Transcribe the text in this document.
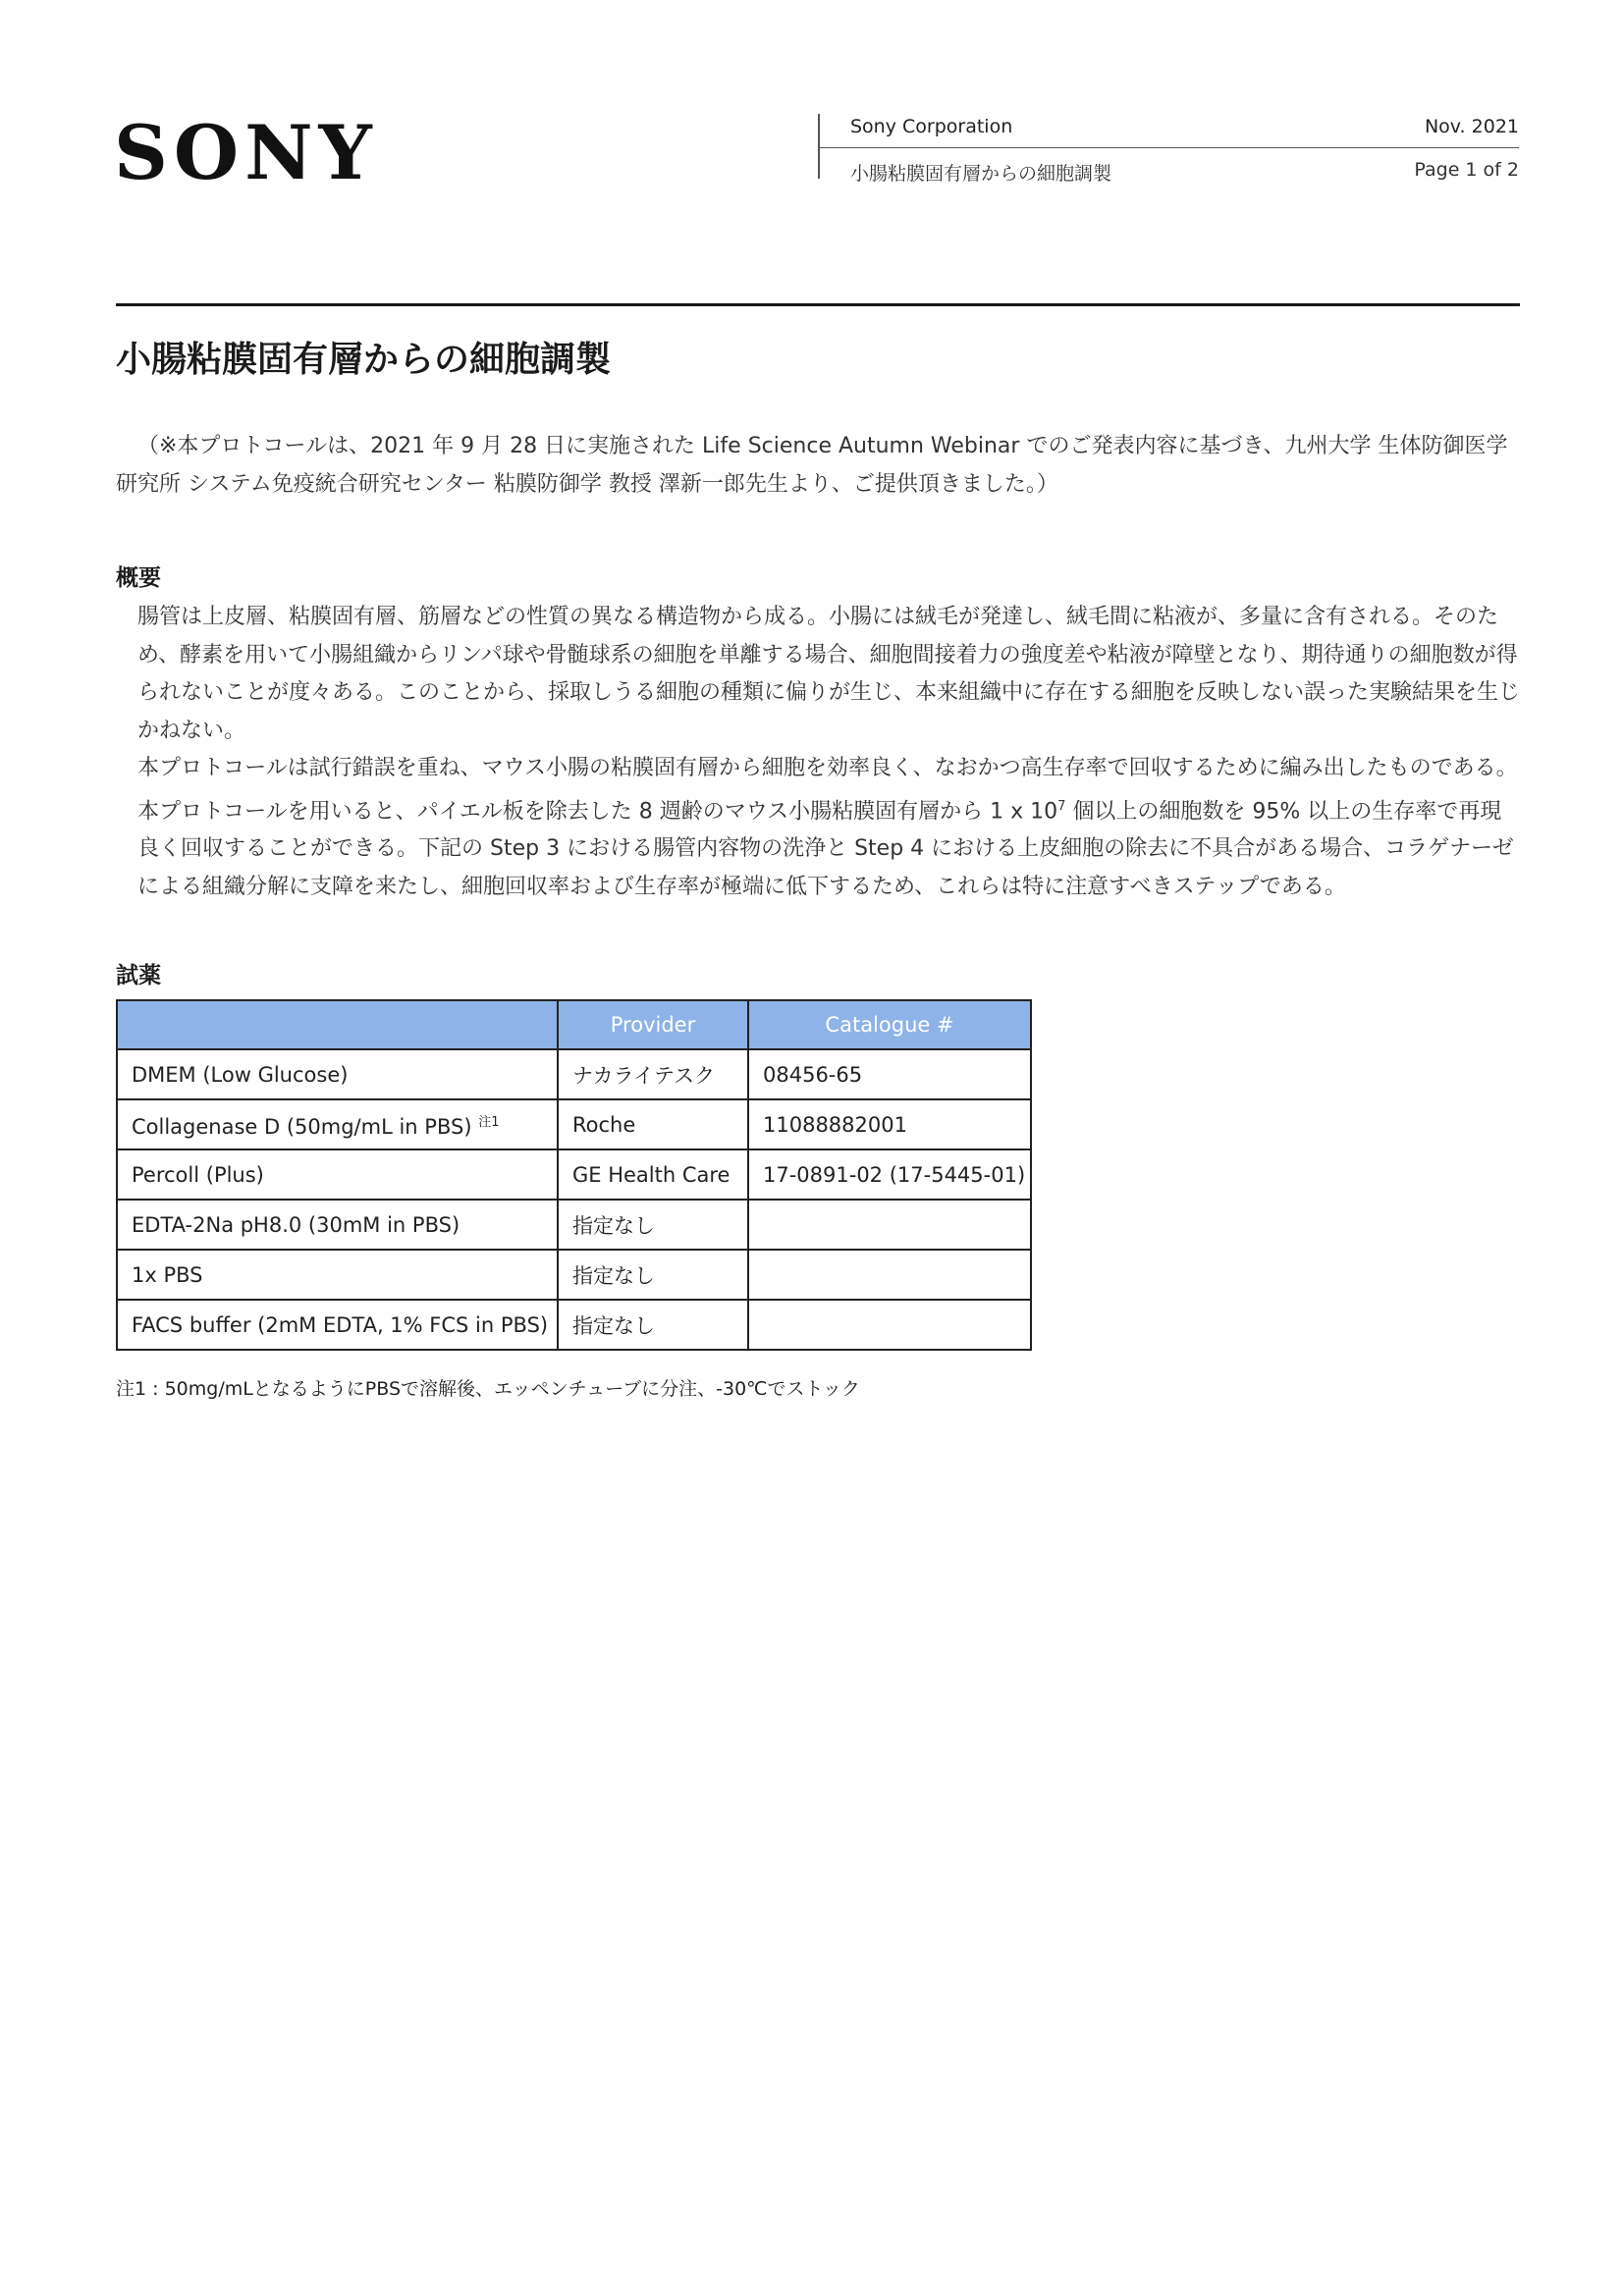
SONY	Sony Corporation	Nov. 2021
小腸粘膜固有層からの細胞調製	Page 1 of 2
小腸粘膜固有層からの細胞調製

（※本プロトコールは、2021 年 9 月 28 日に実施された Life Science Autumn Webinar でのご発表内容に基づき、九州大学 生体防御医学

研究所 システム免疫統合研究センター 粘膜防御学 教授 澤新一郎先生より、ご提供頂きました。）

概要

腸管は上皮層、粘膜固有層、筋層などの性質の異なる構造物から成る。小腸には絨毛が発達し、絨毛間に粘液が、多量に含有される。そのため、酵素を用いて小腸組織からリンパ球や骨髄球系の細胞を単離する場合、細胞間接着力の強度差や粘液が障壁となり、期待通りの細胞数が得られないことが度々ある。このことから、採取しうる細胞の種類に偏りが生じ、本来組織中に存在する細胞を反映しない誤った実験結果を生じかねない。

本プロトコールは試行錯誤を重ね、マウス小腸の粘膜固有層から細胞を効率良く、なおかつ高生存率で回収するために編み出したものである。

本プロトコールを用いると、パイエル板を除去した 8 週齢のマウス小腸粘膜固有層から 1 x $10^7$ 個以上の細胞数を 95% 以上の生存率で再現良く回収することができる。下記の Step 3 における腸管内容物の洗浄と Step 4 における上皮細胞の除去に不具合がある場合、コラゲナーゼによる組織分解に支障を来たし、細胞回収率および生存率が極端に低下するため、これらは特に注意すべきステップである。

試薬
	Provider	Catalogue #
DMEM (Low Glucose)	ナカライテスク	08456-65
Collagenase D (50mg/mL in PBS) $^{注1}$	Roche	11088882001
Percoll (Plus)	GE Health Care	17-0891-02 (17-5445-01)
EDTA-2Na pH8.0 (30mM in PBS)	指定なし	
1x PBS	指定なし	
FACS buffer (2mM EDTA, 1% FCS in PBS)	指定なし	
注1 : 50mg/mLとなるようにPBSで溶解後、エッペンチューブに分注、-30℃でストック
